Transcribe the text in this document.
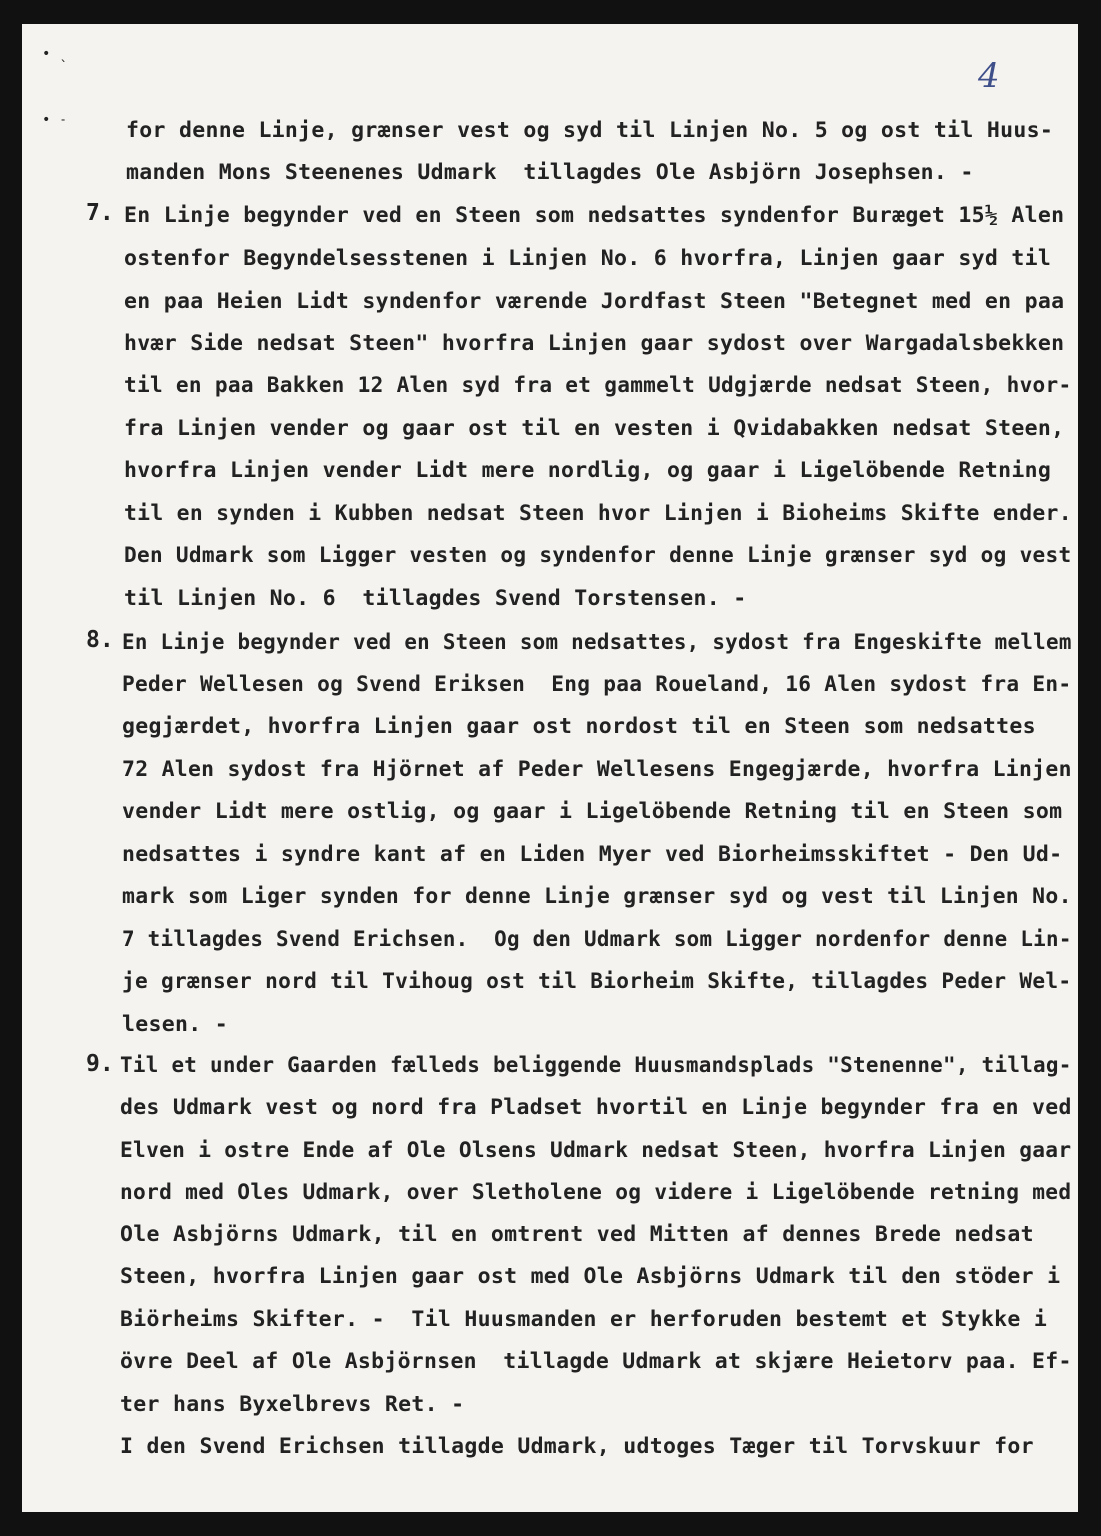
4
• ˎ
• ˗
7.
8.
9.
for denne Linje, grænser vest og syd til Linjen No. 5 og ost til Huus-
manden Mons Steenenes Udmark  tillagdes Ole Asbjörn Josephsen. -
En Linje begynder ved en Steen som nedsattes syndenfor Buræget 15½ Alen
ostenfor Begyndelsesstenen i Linjen No. 6 hvorfra, Linjen gaar syd til
en paa Heien Lidt syndenfor værende Jordfast Steen "Betegnet med en paa
hvær Side nedsat Steen" hvorfra Linjen gaar sydost over Wargadalsbekken
til en paa Bakken 12 Alen syd fra et gammelt Udgjærde nedsat Steen, hvor-
fra Linjen vender og gaar ost til en vesten i Qvidabakken nedsat Steen,
hvorfra Linjen vender Lidt mere nordlig, og gaar i Ligelöbende Retning
til en synden i Kubben nedsat Steen hvor Linjen i Bioheims Skifte ender.
Den Udmark som Ligger vesten og syndenfor denne Linje grænser syd og vest
til Linjen No. 6  tillagdes Svend Torstensen. -
En Linje begynder ved en Steen som nedsattes, sydost fra Engeskifte mellem
Peder Wellesen og Svend Eriksen  Eng paa Roueland, 16 Alen sydost fra En-
gegjærdet, hvorfra Linjen gaar ost nordost til en Steen som nedsattes
72 Alen sydost fra Hjörnet af Peder Wellesens Engegjærde, hvorfra Linjen
vender Lidt mere ostlig, og gaar i Ligelöbende Retning til en Steen som
nedsattes i syndre kant af en Liden Myer ved Biorheimsskiftet - Den Ud-
mark som Liger synden for denne Linje grænser syd og vest til Linjen No.
7 tillagdes Svend Erichsen.  Og den Udmark som Ligger nordenfor denne Lin-
je grænser nord til Tvihoug ost til Biorheim Skifte, tillagdes Peder Wel-
lesen. -
Til et under Gaarden fælleds beliggende Huusmandsplads "Stenenne", tillag-
des Udmark vest og nord fra Pladset hvortil en Linje begynder fra en ved
Elven i ostre Ende af Ole Olsens Udmark nedsat Steen, hvorfra Linjen gaar
nord med Oles Udmark, over Sletholene og videre i Ligelöbende retning med
Ole Asbjörns Udmark, til en omtrent ved Mitten af dennes Brede nedsat
Steen, hvorfra Linjen gaar ost med Ole Asbjörns Udmark til den stöder i
Biörheims Skifter. -  Til Huusmanden er herforuden bestemt et Stykke i
övre Deel af Ole Asbjörnsen  tillagde Udmark at skjære Heietorv paa. Ef-
ter hans Byxelbrevs Ret. -
I den Svend Erichsen tillagde Udmark, udtoges Tæger til Torvskuur for
